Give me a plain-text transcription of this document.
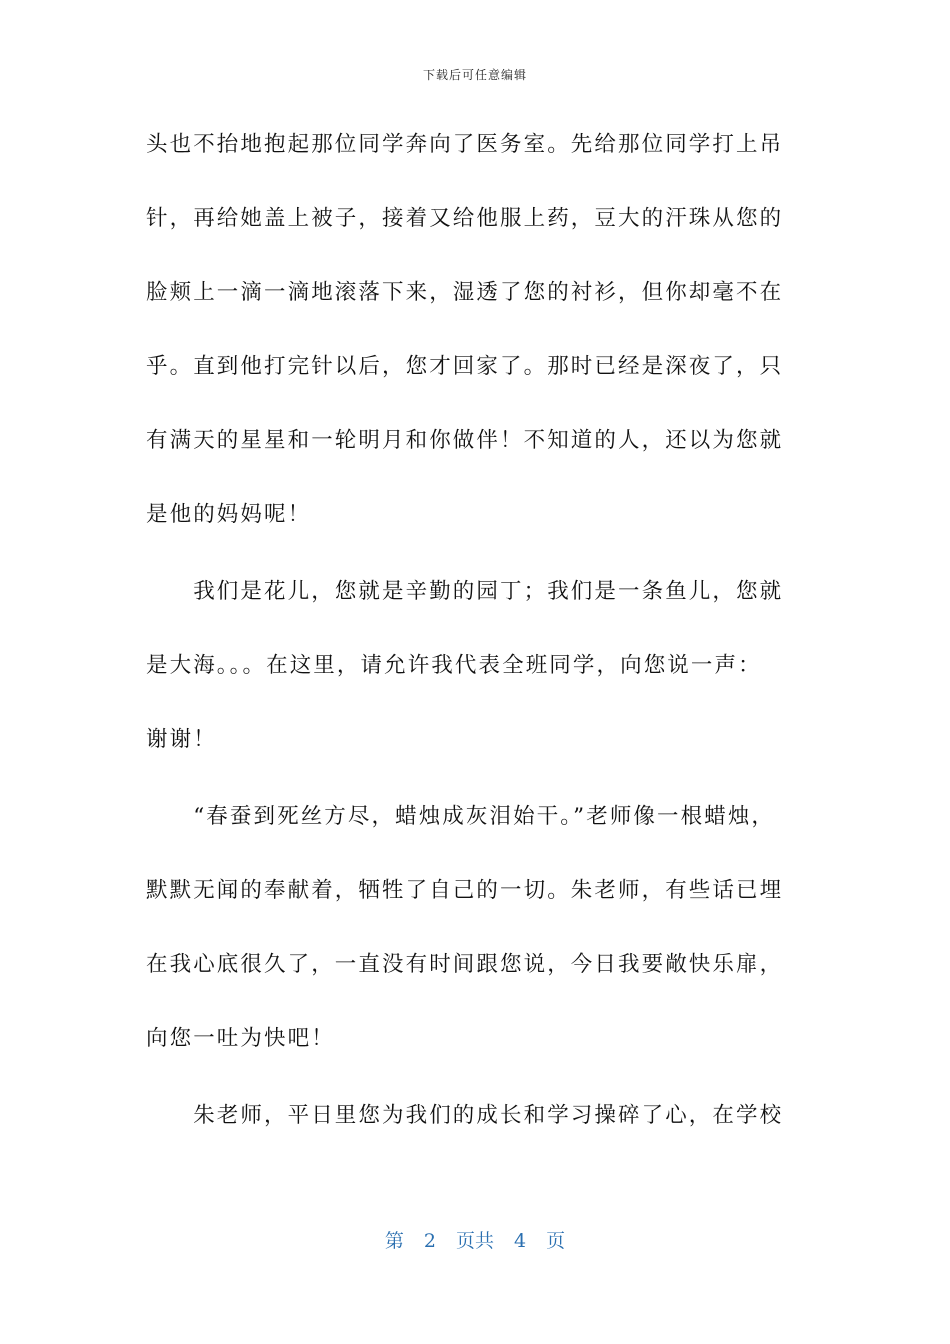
下载后可任意编辑
头也不抬地抱起那位同学奔向了医务室。先给那位同学打上吊
针，再给她盖上被子，接着又给他服上药，豆大的汗珠从您的
脸颊上一滴一滴地滚落下来，湿透了您的衬衫，但你却毫不在
乎。直到他打完针以后，您才回家了。那时已经是深夜了，只
有满天的星星和一轮明月和你做伴！不知道的人，还以为您就
是他的妈妈呢！
　　我们是花儿，您就是辛勤的园丁；我们是一条鱼儿，您就
是大海。。。在这里，请允许我代表全班同学，向您说一声：
谢谢！
　　“春蚕到死丝方尽，蜡烛成灰泪始干。”老师像一根蜡烛，
默默无闻的奉献着，牺牲了自己的一切。朱老师，有些话已埋
在我心底很久了，一直没有时间跟您说，今日我要敞快乐扉，
向您一吐为快吧！
　　朱老师，平日里您为我们的成长和学习操碎了心，在学校
第 2 页共 4 页
